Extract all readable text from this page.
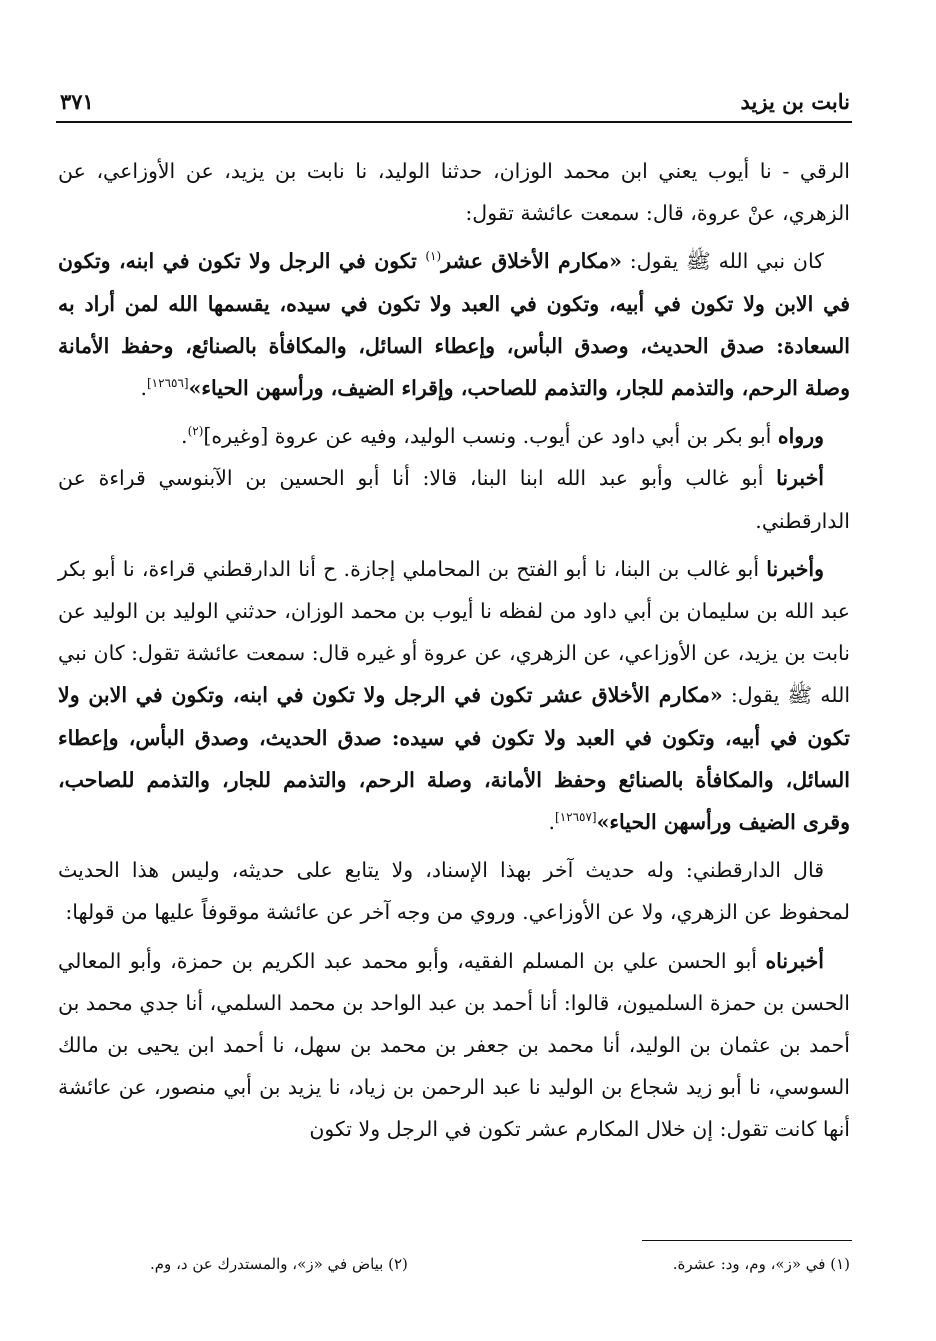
نابت بن يزيد
٣٧١

الرقي - نا أيوب يعني ابن محمد الوزان، حدثنا الوليد، نا نابت بن يزيد، عن الأوزاعي، عن الزهري، عنْ عروة، قال: سمعت عائشة تقول:

كان نبي الله ﷺ يقول: «مكارم الأخلاق عشر$^{(١)}$ تكون في الرجل ولا تكون في ابنه، وتكون في الابن ولا تكون في أبيه، وتكون في العبد ولا تكون في سيده، يقسمها الله لمن أراد به السعادة: صدق الحديث، وصدق البأس، وإعطاء السائل، والمكافأة بالصنائع، وحفظ الأمانة وصلة الرحم، والتذمم للجار، والتذمم للصاحب، وإقراء الضيف، ورأسهن الحياء»[١٢٦٥٦].

ورواه أبو بكر بن أبي داود عن أيوب. ونسب الوليد، وفيه عن عروة [وغيره]$^{(٢)}$.

أخبرنا أبو غالب وأبو عبد الله ابنا البنا، قالا: أنا أبو الحسين بن الآبنوسي قراءة عن الدارقطني.

وأخبرنا أبو غالب بن البنا، نا أبو الفتح بن المحاملي إجازة. ح أنا الدارقطني قراءة، نا أبو بكر عبد الله بن سليمان بن أبي داود من لفظه نا أيوب بن محمد الوزان، حدثني الوليد بن الوليد عن نابت بن يزيد، عن الأوزاعي، عن الزهري، عن عروة أو غيره قال: سمعت عائشة تقول: كان نبي الله ﷺ يقول: «مكارم الأخلاق عشر تكون في الرجل ولا تكون في ابنه، وتكون في الابن ولا تكون في أبيه، وتكون في العبد ولا تكون في سيده: صدق الحديث، وصدق البأس، وإعطاء السائل، والمكافأة بالصنائع وحفظ الأمانة، وصلة الرحم، والتذمم للجار، والتذمم للصاحب، وقرى الضيف ورأسهن الحياء»[١٢٦٥٧].

قال الدارقطني: وله حديث آخر بهذا الإسناد، ولا يتابع على حديثه، وليس هذا الحديث لمحفوظ عن الزهري، ولا عن الأوزاعي. وروي من وجه آخر عن عائشة موقوفاً عليها من قولها:

أخبرناه أبو الحسن علي بن المسلم الفقيه، وأبو محمد عبد الكريم بن حمزة، وأبو المعالي الحسن بن حمزة السلميون، قالوا: أنا أحمد بن عبد الواحد بن محمد السلمي، أنا جدي محمد بن أحمد بن عثمان بن الوليد، أنا محمد بن جعفر بن محمد بن سهل، نا أحمد ابن يحيى بن مالك السوسي، نا أبو زيد شجاع بن الوليد نا عبد الرحمن بن زياد، نا يزيد بن أبي منصور، عن عائشة أنها كانت تقول: إن خلال المكارم عشر تكون في الرجل ولا تكون

(١) في «ز»، وم، ود: عشرة.
(٢) بياض في «ز»، والمستدرك عن د، وم.
